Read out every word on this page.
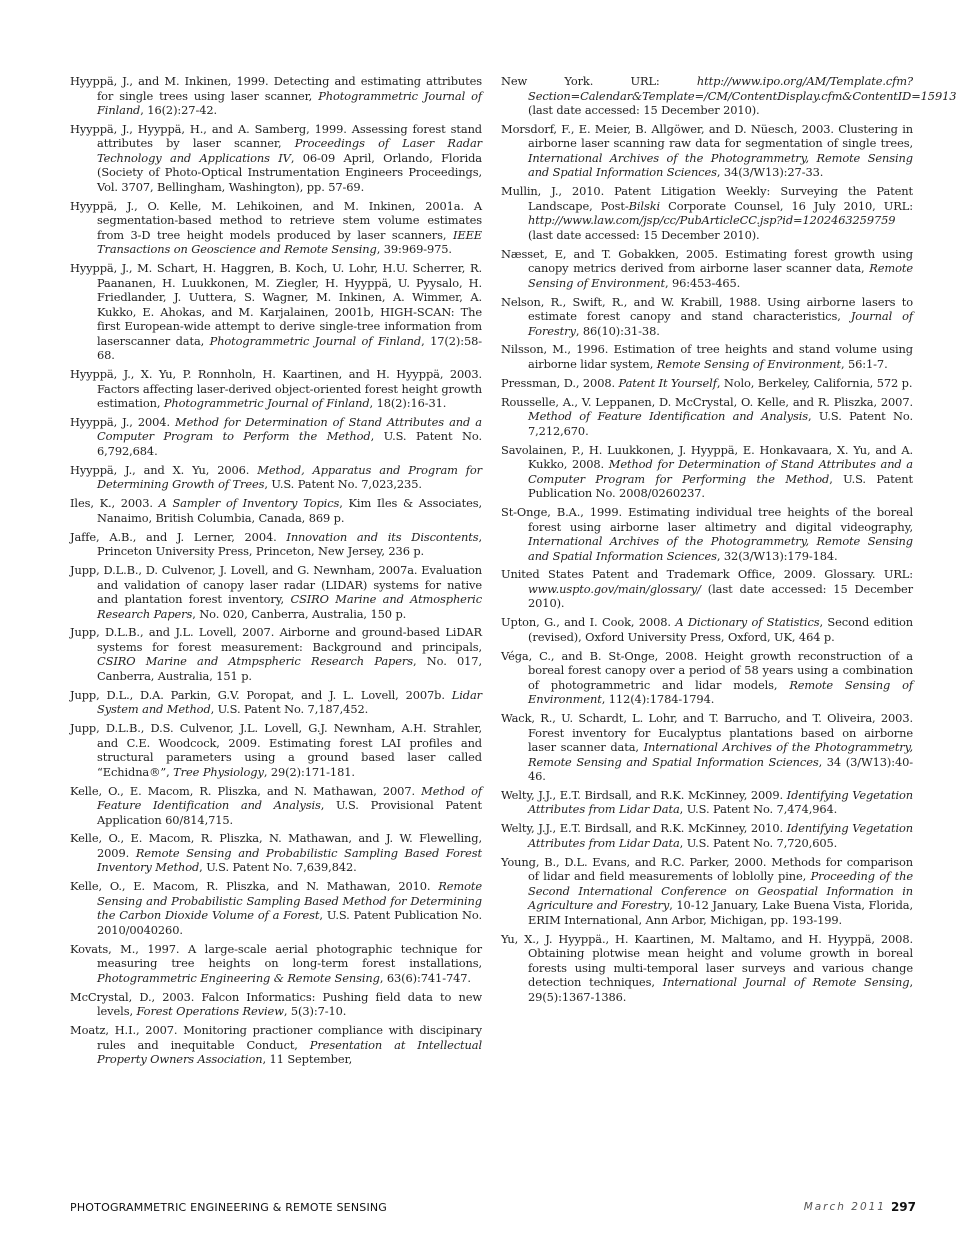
Hyyppä, J., and M. Inkinen, 1999. Detecting and estimating attributes for single trees using laser scanner, Photogrammetric Journal of Finland, 16(2):27-42.

Hyyppä, J., Hyyppä, H., and A. Samberg, 1999. Assessing forest stand attributes by laser scanner, Proceedings of Laser Radar Technology and Applications IV, 06-09 April, Orlando, Florida (Society of Photo-Optical Instrumentation Engineers Proceedings, Vol. 3707, Bellingham, Washington), pp. 57-69.

Hyyppä, J., O. Kelle, M. Lehikoinen, and M. Inkinen, 2001a. A segmentation-based method to retrieve stem volume estimates from 3-D tree height models produced by laser scanners, IEEE Transactions on Geoscience and Remote Sensing, 39:969-975.

Hyyppä, J., M. Schart, H. Haggren, B. Koch, U. Lohr, H.U. Scherrer, R. Paananen, H. Luukkonen, M. Ziegler, H. Hyyppä, U. Pyysalo, H. Friedlander, J. Uuttera, S. Wagner, M. Inkinen, A. Wimmer, A. Kukko, E. Ahokas, and M. Karjalainen, 2001b, HIGH-SCAN: The first European-wide attempt to derive single-tree information from laserscanner data, Photogrammetric Journal of Finland, 17(2):58-68.

Hyyppä, J., X. Yu, P. Ronnholn, H. Kaartinen, and H. Hyyppä, 2003. Factors affecting laser-derived object-oriented forest height growth estimation, Photogrammetric Journal of Finland, 18(2):16-31.

Hyyppä, J., 2004. Method for Determination of Stand Attributes and a Computer Program to Perform the Method, U.S. Patent No. 6,792,684.

Hyyppä, J., and X. Yu, 2006. Method, Apparatus and Program for Determining Growth of Trees, U.S. Patent No. 7,023,235.

Iles, K., 2003. A Sampler of Inventory Topics, Kim Iles & Associates, Nanaimo, British Columbia, Canada, 869 p.

Jaffe, A.B., and J. Lerner, 2004. Innovation and its Discontents, Princeton University Press, Princeton, New Jersey, 236 p.

Jupp, D.L.B., D. Culvenor, J. Lovell, and G. Newnham, 2007a. Evaluation and validation of canopy laser radar (LIDAR) systems for native and plantation forest inventory, CSIRO Marine and Atmospheric Research Papers, No. 020, Canberra, Australia, 150 p.

Jupp, D.L.B., and J.L. Lovell, 2007. Airborne and ground-based LiDAR systems for forest measurement: Background and principals, CSIRO Marine and Atmpspheric Research Papers, No. 017, Canberra, Australia, 151 p.

Jupp, D.L., D.A. Parkin, G.V. Poropat, and J. L. Lovell, 2007b. Lidar System and Method, U.S. Patent No. 7,187,452.

Jupp, D.L.B., D.S. Culvenor, J.L. Lovell, G.J. Newnham, A.H. Strahler, and C.E. Woodcock, 2009. Estimating forest LAI profiles and structural parameters using a ground based laser called “Echidna®”, Tree Physiology, 29(2):171-181.

Kelle, O., E. Macom, R. Pliszka, and N. Mathawan, 2007. Method of Feature Identification and Analysis, U.S. Provisional Patent Application 60/814,715.

Kelle, O., E. Macom, R. Pliszka, N. Mathawan, and J. W. Flewelling, 2009. Remote Sensing and Probabilistic Sampling Based Forest Inventory Method, U.S. Patent No. 7,639,842.

Kelle, O., E. Macom, R. Pliszka, and N. Mathawan, 2010. Remote Sensing and Probabilistic Sampling Based Method for Determining the Carbon Dioxide Volume of a Forest, U.S. Patent Publication No. 2010/0040260.

Kovats, M., 1997. A large-scale aerial photographic technique for measuring tree heights on long-term forest installations, Photogrammetric Engineering & Remote Sensing, 63(6):741-747.

McCrystal, D., 2003. Falcon Informatics: Pushing field data to new levels, Forest Operations Review, 5(3):7-10.

Moatz, H.I., 2007. Monitoring practioner compliance with discipinary rules and inequitable Conduct, Presentation at Intellectual Property Owners Association, 11 September,

New York. URL: http://www.ipo.org/AM/Template.cfm?Section=Calendar&Template=/CM/ContentDisplay.cfm&ContentID=15913 (last date accessed: 15 December 2010).

Morsdorf, F., E. Meier, B. Allgöwer, and D. Nüesch, 2003. Clustering in airborne laser scanning raw data for segmentation of single trees, International Archives of the Photogrammetry, Remote Sensing and Spatial Information Sciences, 34(3/W13):27-33.

Mullin, J., 2010. Patent Litigation Weekly: Surveying the Patent Landscape, Post-Bilski Corporate Counsel, 16 July 2010, URL: http://www.law.com/jsp/cc/PubArticleCC.jsp?id=1202463259759 (last date accessed: 15 December 2010).

Næsset, E, and T. Gobakken, 2005. Estimating forest growth using canopy metrics derived from airborne laser scanner data, Remote Sensing of Environment, 96:453-465.

Nelson, R., Swift, R., and W. Krabill, 1988. Using airborne lasers to estimate forest canopy and stand characteristics, Journal of Forestry, 86(10):31-38.

Nilsson, M., 1996. Estimation of tree heights and stand volume using airborne lidar system, Remote Sensing of Environment, 56:1-7.

Pressman, D., 2008. Patent It Yourself, Nolo, Berkeley, California, 572 p.

Rousselle, A., V. Leppanen, D. McCrystal, O. Kelle, and R. Pliszka, 2007. Method of Feature Identification and Analysis, U.S. Patent No. 7,212,670.

Savolainen, P., H. Luukkonen, J. Hyyppä, E. Honkavaara, X. Yu, and A. Kukko, 2008. Method for Determination of Stand Attributes and a Computer Program for Performing the Method, U.S. Patent Publication No. 2008/0260237.

St-Onge, B.A., 1999. Estimating individual tree heights of the boreal forest using airborne laser altimetry and digital videography, International Archives of the Photogrammetry, Remote Sensing and Spatial Information Sciences, 32(3/W13):179-184.

United States Patent and Trademark Office, 2009. Glossary. URL: www.uspto.gov/main/glossary/ (last date accessed: 15 December 2010).

Upton, G., and I. Cook, 2008. A Dictionary of Statistics, Second edition (revised), Oxford University Press, Oxford, UK, 464 p.

Véga, C., and B. St-Onge, 2008. Height growth reconstruction of a boreal forest canopy over a period of 58 years using a combination of photogrammetric and lidar models, Remote Sensing of Environment, 112(4):1784-1794.

Wack, R., U. Schardt, L. Lohr, and T. Barrucho, and T. Oliveira, 2003. Forest inventory for Eucalyptus plantations based on airborne laser scanner data, International Archives of the Photogrammetry, Remote Sensing and Spatial Information Sciences, 34 (3/W13):40-46.

Welty, J.J., E.T. Birdsall, and R.K. McKinney, 2009. Identifying Vegetation Attributes from Lidar Data, U.S. Patent No. 7,474,964.

Welty, J.J., E.T. Birdsall, and R.K. McKinney, 2010. Identifying Vegetation Attributes from Lidar Data, U.S. Patent No. 7,720,605.

Young, B., D.L. Evans, and R.C. Parker, 2000. Methods for comparison of lidar and field measurements of loblolly pine, Proceeding of the Second International Conference on Geospatial Information in Agriculture and Forestry, 10-12 January, Lake Buena Vista, Florida, ERIM International, Ann Arbor, Michigan, pp. 193-199.

Yu, X., J. Hyyppä., H. Kaartinen, M. Maltamo, and H. Hyyppä, 2008. Obtaining plotwise mean height and volume growth in boreal forests using multi-temporal laser surveys and various change detection techniques, International Journal of Remote Sensing, 29(5):1367-1386.

PHOTOGRAMMETRIC ENGINEERING & REMOTE SENSING	March 2011 297
